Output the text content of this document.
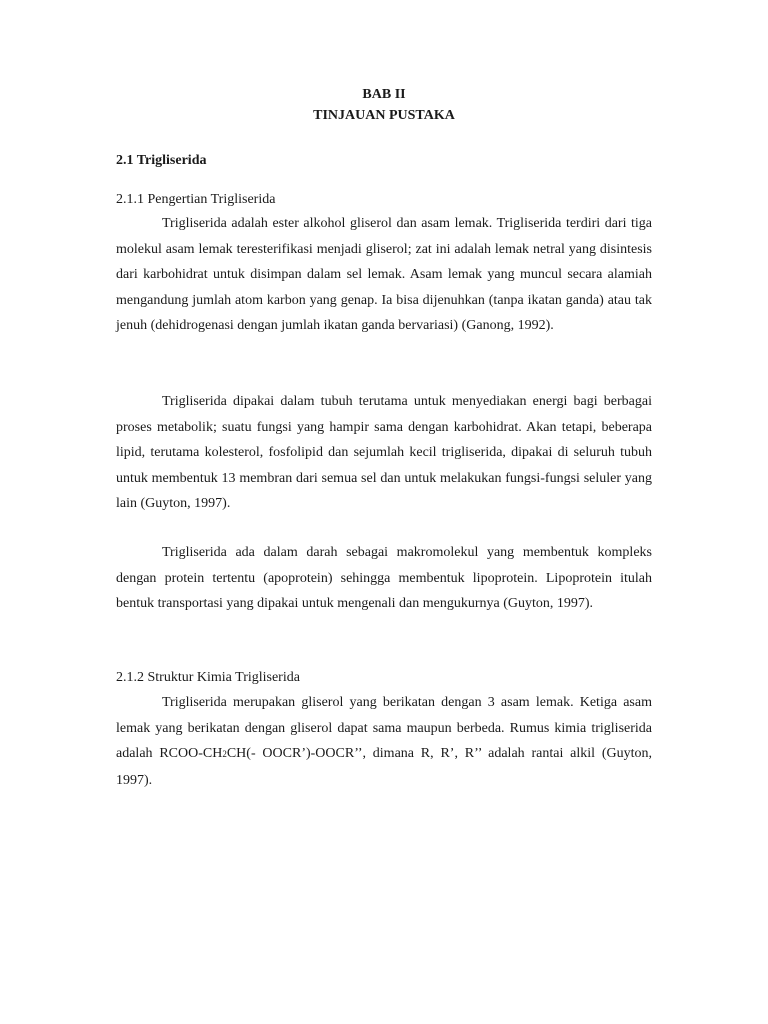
BAB II
TINJAUAN PUSTAKA
2.1 Trigliserida
2.1.1 Pengertian Trigliserida

Trigliserida adalah ester alkohol gliserol dan asam lemak. Trigliserida terdiri dari tiga molekul asam lemak teresterifikasi menjadi gliserol; zat ini adalah lemak netral yang disintesis dari karbohidrat untuk disimpan dalam sel lemak. Asam lemak yang muncul secara alamiah mengandung jumlah atom karbon yang genap. Ia bisa dijenuhkan (tanpa ikatan ganda) atau tak jenuh (dehidrogenasi dengan jumlah ikatan ganda bervariasi) (Ganong, 1992).

Trigliserida dipakai dalam tubuh terutama untuk menyediakan energi bagi berbagai proses metabolik; suatu fungsi yang hampir sama dengan karbohidrat. Akan tetapi, beberapa lipid, terutama kolesterol, fosfolipid dan sejumlah kecil trigliserida, dipakai di seluruh tubuh untuk membentuk 13 membran dari semua sel dan untuk melakukan fungsi-fungsi seluler yang lain (Guyton, 1997).

Trigliserida ada dalam darah sebagai makromolekul yang membentuk kompleks dengan protein tertentu (apoprotein) sehingga membentuk lipoprotein. Lipoprotein itulah bentuk transportasi yang dipakai untuk mengenali dan mengukurnya (Guyton, 1997).

2.1.2 Struktur Kimia Trigliserida

Trigliserida merupakan gliserol yang berikatan dengan 3 asam lemak. Ketiga asam lemak yang berikatan dengan gliserol dapat sama maupun berbeda. Rumus kimia trigliserida adalah RCOO-CH2CH(- OOCR’)-OOCR’’, dimana R, R’, R’’ adalah rantai alkil (Guyton, 1997).
